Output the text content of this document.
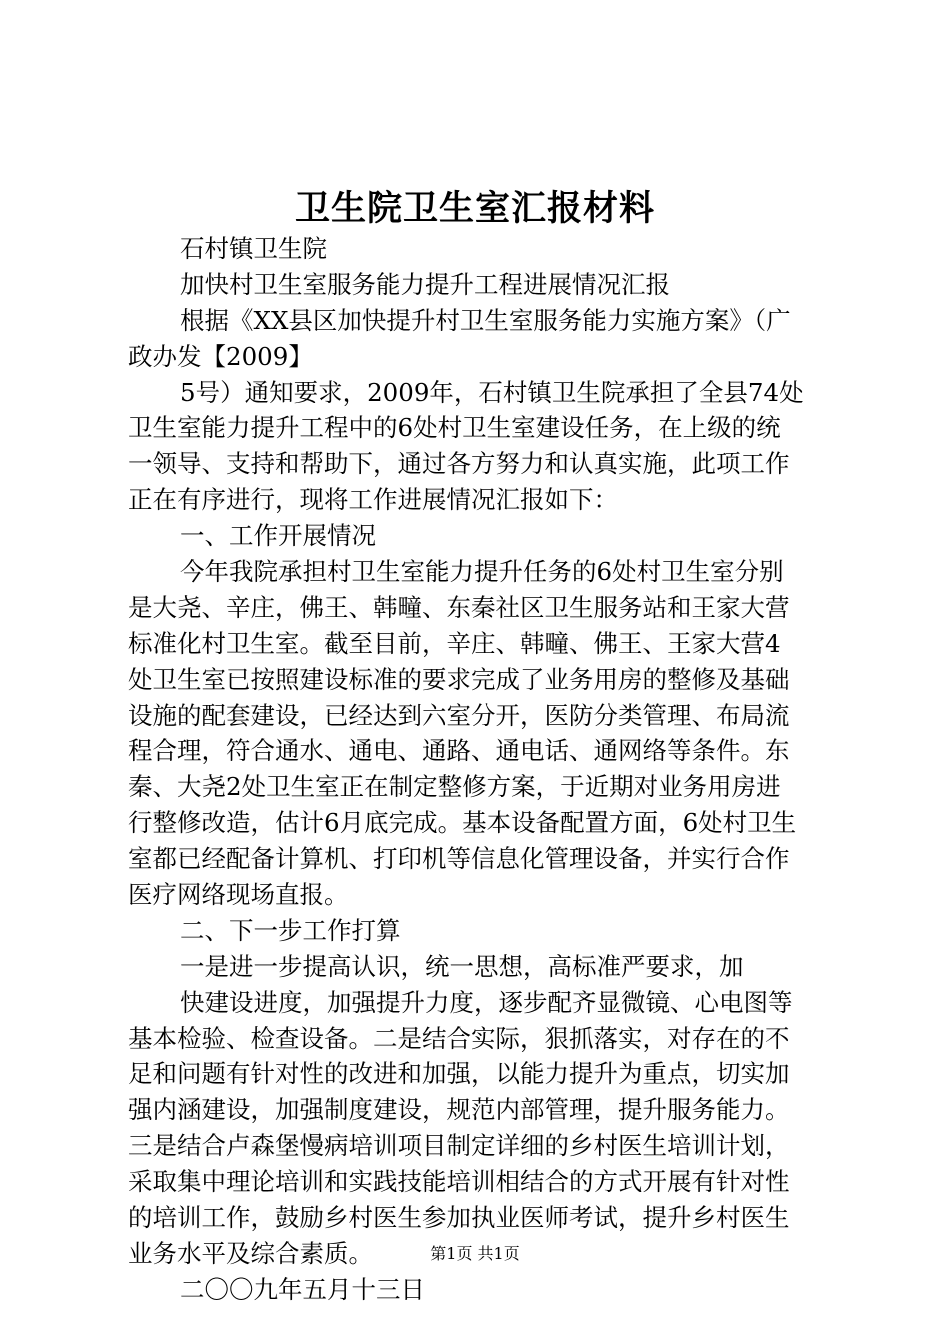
卫生院卫生室汇报材料
石村镇卫生院
加快村卫生室服务能力提升工程进展情况汇报
根据《XX县区加快提升村卫生室服务能力实施方案》（广
政办发【2009】
5号）通知要求，2009年，石村镇卫生院承担了全县74处
卫生室能力提升工程中的6处村卫生室建设任务，在上级的统
一领导、支持和帮助下，通过各方努力和认真实施，此项工作
正在有序进行，现将工作进展情况汇报如下：
一、工作开展情况
今年我院承担村卫生室能力提升任务的6处村卫生室分别
是大尧、辛庄，佛王、韩疃、东秦社区卫生服务站和王家大营
标准化村卫生室。截至目前，辛庄、韩疃、佛王、王家大营4
处卫生室已按照建设标准的要求完成了业务用房的整修及基础
设施的配套建设，已经达到六室分开，医防分类管理、布局流
程合理，符合通水、通电、通路、通电话、通网络等条件。东
秦、大尧2处卫生室正在制定整修方案，于近期对业务用房进
行整修改造，估计6月底完成。基本设备配置方面，6处村卫生
室都已经配备计算机、打印机等信息化管理设备，并实行合作
医疗网络现场直报。
二、下一步工作打算
一是进一步提高认识，统一思想，高标准严要求，加
快建设进度，加强提升力度，逐步配齐显微镜、心电图等
基本检验、检查设备。二是结合实际，狠抓落实，对存在的不
足和问题有针对性的改进和加强，以能力提升为重点，切实加
强内涵建设，加强制度建设，规范内部管理，提升服务能力。
三是结合卢森堡慢病培训项目制定详细的乡村医生培训计划，
采取集中理论培训和实践技能培训相结合的方式开展有针对性
的培训工作，鼓励乡村医生参加执业医师考试，提升乡村医生
业务水平及综合素质。
二〇〇九年五月十三日
第1页 共1页
